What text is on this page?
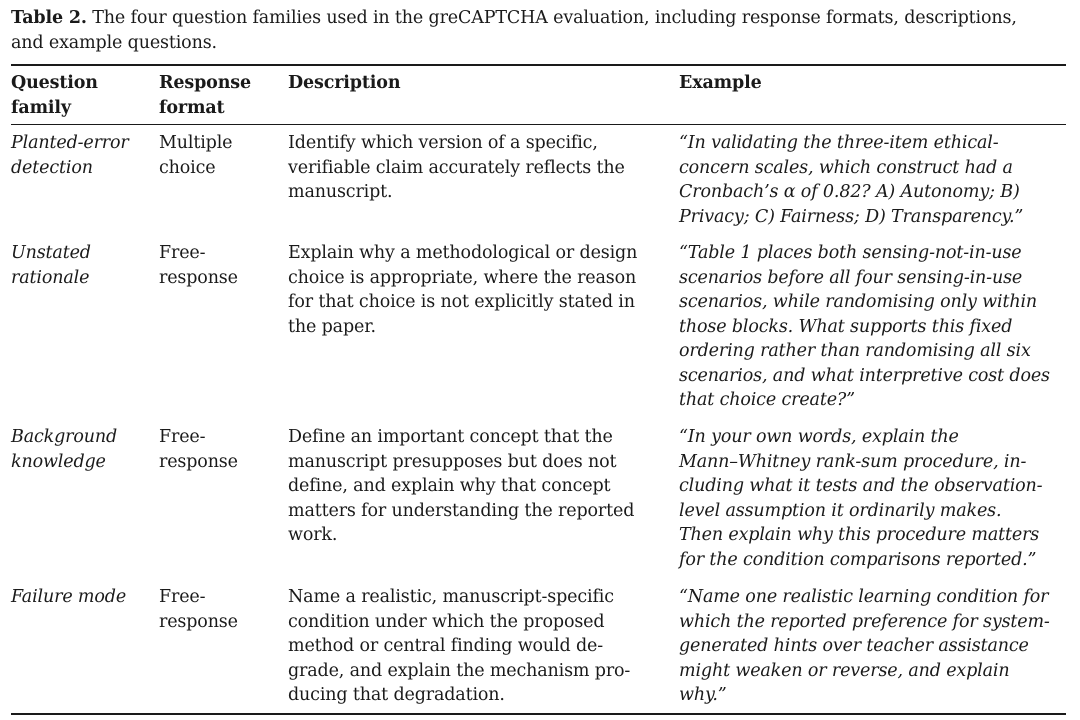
Table 2. The four question families used in the greCAPTCHA evaluation, including response formats, descriptions,
and example questions.
Question
family
Response
format
Description	Example
Planted-error
detection
Multiple
choice
Identify which version of a specific,
verifiable claim accurately reflects the
manuscript.
“In validating the three-item ethical-
concern scales, which construct had a
Cronbach’s α of 0.82? A) Autonomy; B)
Privacy; C) Fairness; D) Transparency.”
Unstated
rationale
Free-
response
Explain why a methodological or design
choice is appropriate, where the reason
for that choice is not explicitly stated in
the paper.
“Table 1 places both sensing-not-in-use
scenarios before all four sensing-in-use
scenarios, while randomising only within
those blocks. What supports this fixed
ordering rather than randomising all six
scenarios, and what interpretive cost does
that choice create?”
Background
knowledge
Free-
response
Define an important concept that the
manuscript presupposes but does not
define, and explain why that concept
matters for understanding the reported
work.
“In your own words, explain the
Mann–Whitney rank-sum procedure, in-
cluding what it tests and the observation-
level assumption it ordinarily makes.
Then explain why this procedure matters
for the condition comparisons reported.”
Failure mode	Free-
response
Name a realistic, manuscript-specific
condition under which the proposed
method or central finding would de-
grade, and explain the mechanism pro-
ducing that degradation.
“Name one realistic learning condition for
which the reported preference for system-
generated hints over teacher assistance
might weaken or reverse, and explain
why.”
